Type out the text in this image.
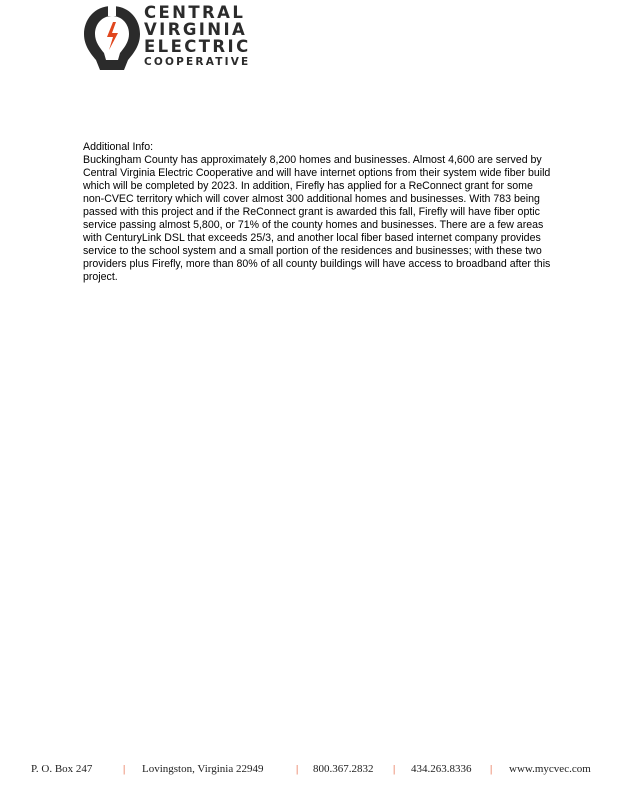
CENTRAL
VIRGINIA
ELECTRIC
COOPERATIVE

Additional Info:

Buckingham County has approximately 8,200 homes and businesses. Almost 4,600 are served by Central Virginia Electric Cooperative and will have internet options from their system wide fiber build which will be completed by 2023. In addition, Firefly has applied for a ReConnect grant for some non-CVEC territory which will cover almost 300 additional homes and businesses. With 783 being passed with this project and if the ReConnect grant is awarded this fall, Firefly will have fiber optic service passing almost 5,800, or 71% of the county homes and businesses. There are a few areas with CenturyLink DSL that exceeds 25/3, and another local fiber based internet company provides service to the school system and a small portion of the residences and businesses; with these two providers plus Firefly, more than 80% of all county buildings will have access to broadband after this project.

P. O. Box 247	| Lovingston, Virginia 22949	| 800.367.2832 | 434.263.8336 | www.mycvec.com
